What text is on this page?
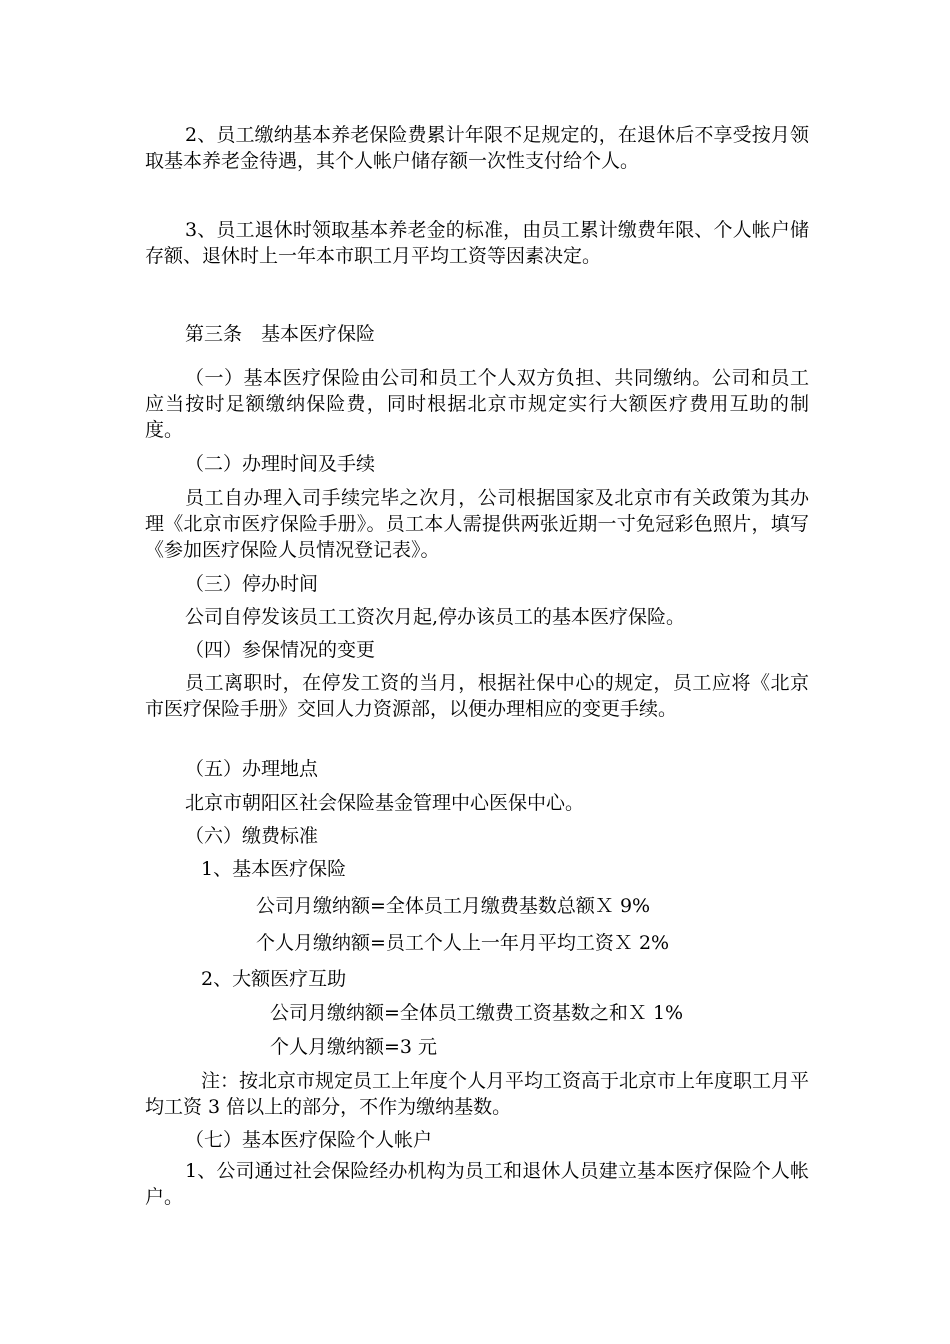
2、员工缴纳基本养老保险费累计年限不足规定的，在退休后不享受按月领取基本养老金待遇，其个人帐户储存额一次性支付给个人。

3、员工退休时领取基本养老金的标准，由员工累计缴费年限、个人帐户储存额、退休时上一年本市职工月平均工资等因素决定。

第三条　基本医疗保险

（一）基本医疗保险由公司和员工个人双方负担、共同缴纳。公司和员工应当按时足额缴纳保险费，同时根据北京市规定实行大额医疗费用互助的制度。

（二）办理时间及手续

员工自办理入司手续完毕之次月，公司根据国家及北京市有关政策为其办理《北京市医疗保险手册》。员工本人需提供两张近期一寸免冠彩色照片，填写《参加医疗保险人员情况登记表》。

（三）停办时间

公司自停发该员工工资次月起,停办该员工的基本医疗保险。

（四）参保情况的变更

员工离职时，在停发工资的当月，根据社保中心的规定，员工应将《北京市医疗保险手册》交回人力资源部，以便办理相应的变更手续。

（五）办理地点

北京市朝阳区社会保险基金管理中心医保中心。

（六）缴费标准

1、基本医疗保险

公司月缴纳额=全体员工月缴费基数总额Ｘ 9%

个人月缴纳额=员工个人上一年月平均工资Ｘ 2%

2、大额医疗互助

公司月缴纳额=全体员工缴费工资基数之和Ｘ 1%

个人月缴纳额=3 元

注：按北京市规定员工上年度个人月平均工资高于北京市上年度职工月平均工资 3 倍以上的部分，不作为缴纳基数。

（七）基本医疗保险个人帐户

1、公司通过社会保险经办机构为员工和退休人员建立基本医疗保险个人帐户。
